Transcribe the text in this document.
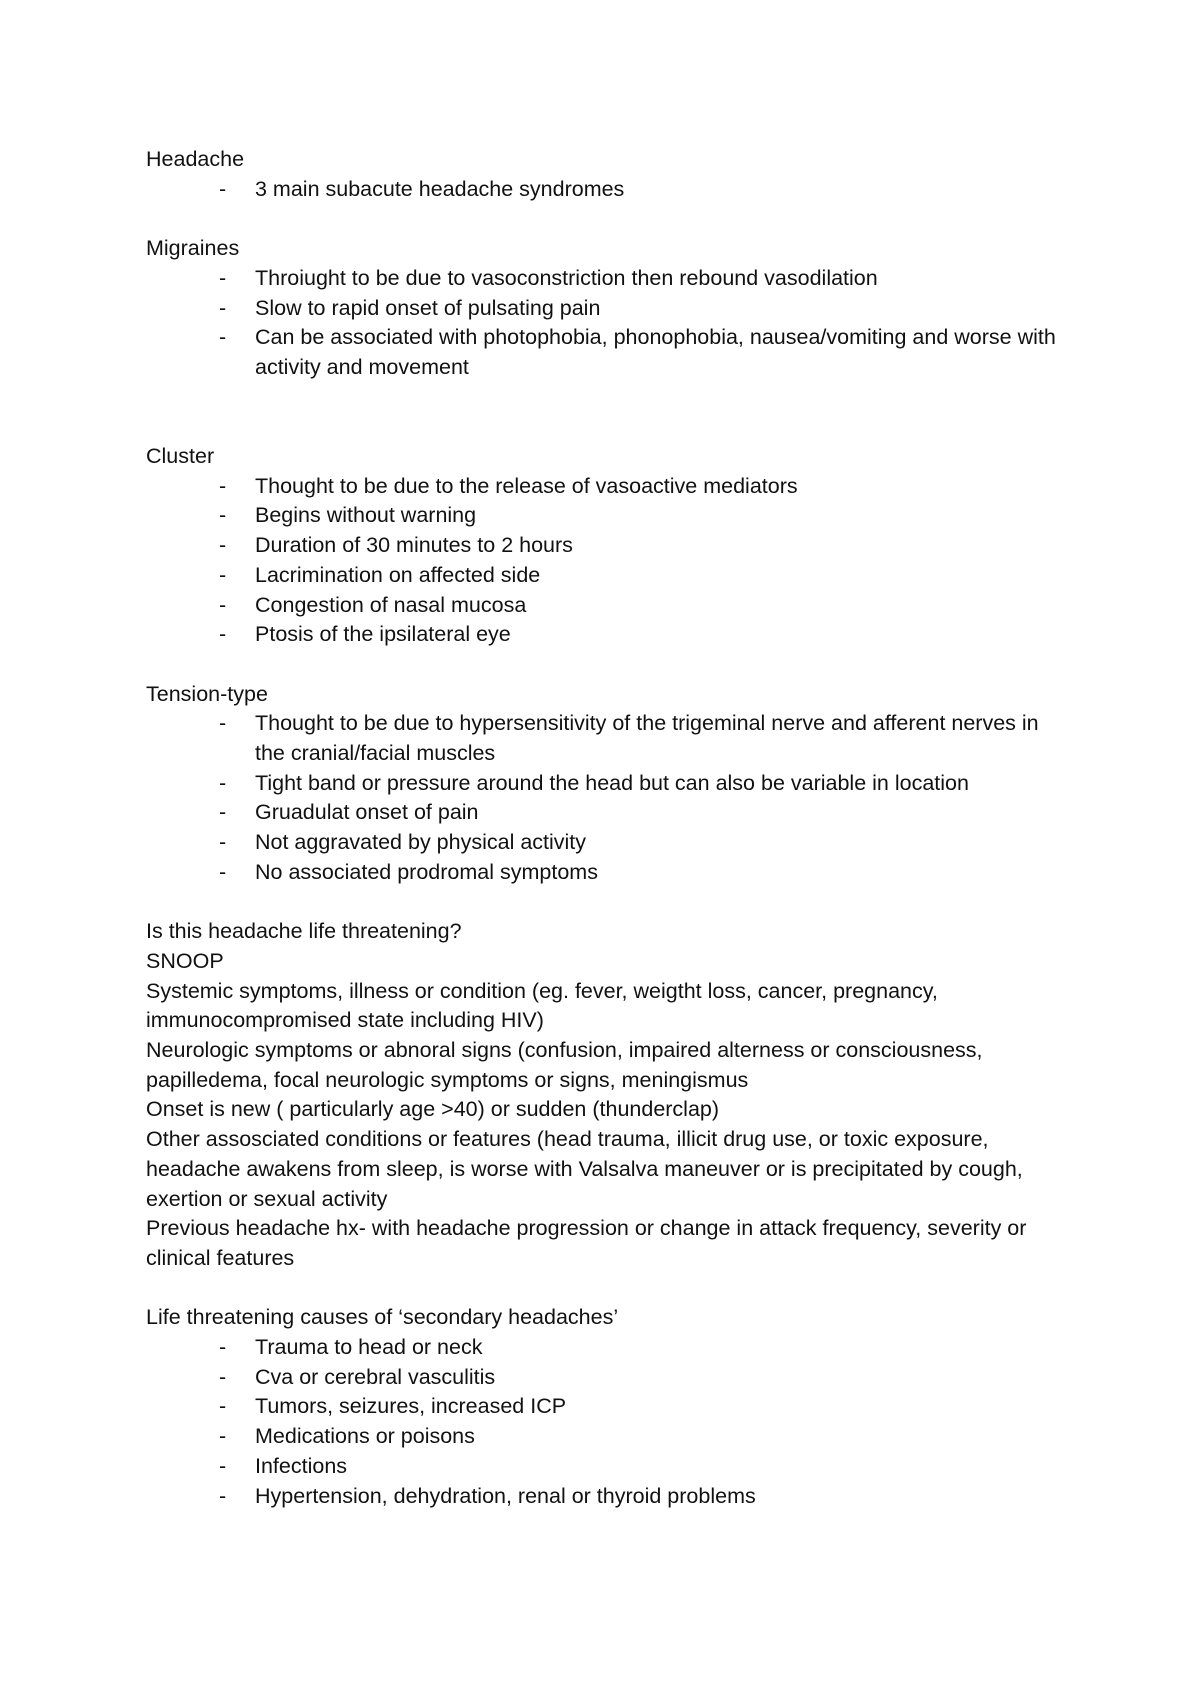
Headache
- 3 main subacute headache syndromes
Migraines
- Throiught to be due to vasoconstriction then rebound vasodilation
- Slow to rapid onset of pulsating pain
- Can be associated with photophobia, phonophobia, nausea/vomiting and worse with activity and movement
Cluster
- Thought to be due to the release of vasoactive mediators
- Begins without warning
- Duration of 30 minutes to 2 hours
- Lacrimination on affected side
- Congestion of nasal mucosa
- Ptosis of the ipsilateral eye
Tension-type
- Thought to be due to hypersensitivity of the trigeminal nerve and afferent nerves in the cranial/facial muscles
- Tight band or pressure around the head but can also be variable in location
- Gruadulat onset of pain
- Not aggravated by physical activity
- No associated prodromal symptoms
Is this headache life threatening?
SNOOP
Systemic symptoms, illness or condition (eg. fever, weigtht loss, cancer, pregnancy, immunocompromised state including HIV)
Neurologic symptoms or abnoral signs (confusion, impaired alterness or consciousness, papilledema, focal neurologic symptoms or signs, meningismus
Onset is new ( particularly age >40) or sudden (thunderclap)
Other assosciated conditions or features (head trauma, illicit drug use, or toxic exposure, headache awakens from sleep, is worse with Valsalva maneuver or is precipitated by cough, exertion or sexual activity
Previous headache hx- with headache progression or change in attack frequency, severity or clinical features
Life threatening causes of ‘secondary headaches’
- Trauma to head or neck
- Cva or cerebral vasculitis
- Tumors, seizures, increased ICP
- Medications or poisons
- Infections
- Hypertension, dehydration, renal or thyroid problems
